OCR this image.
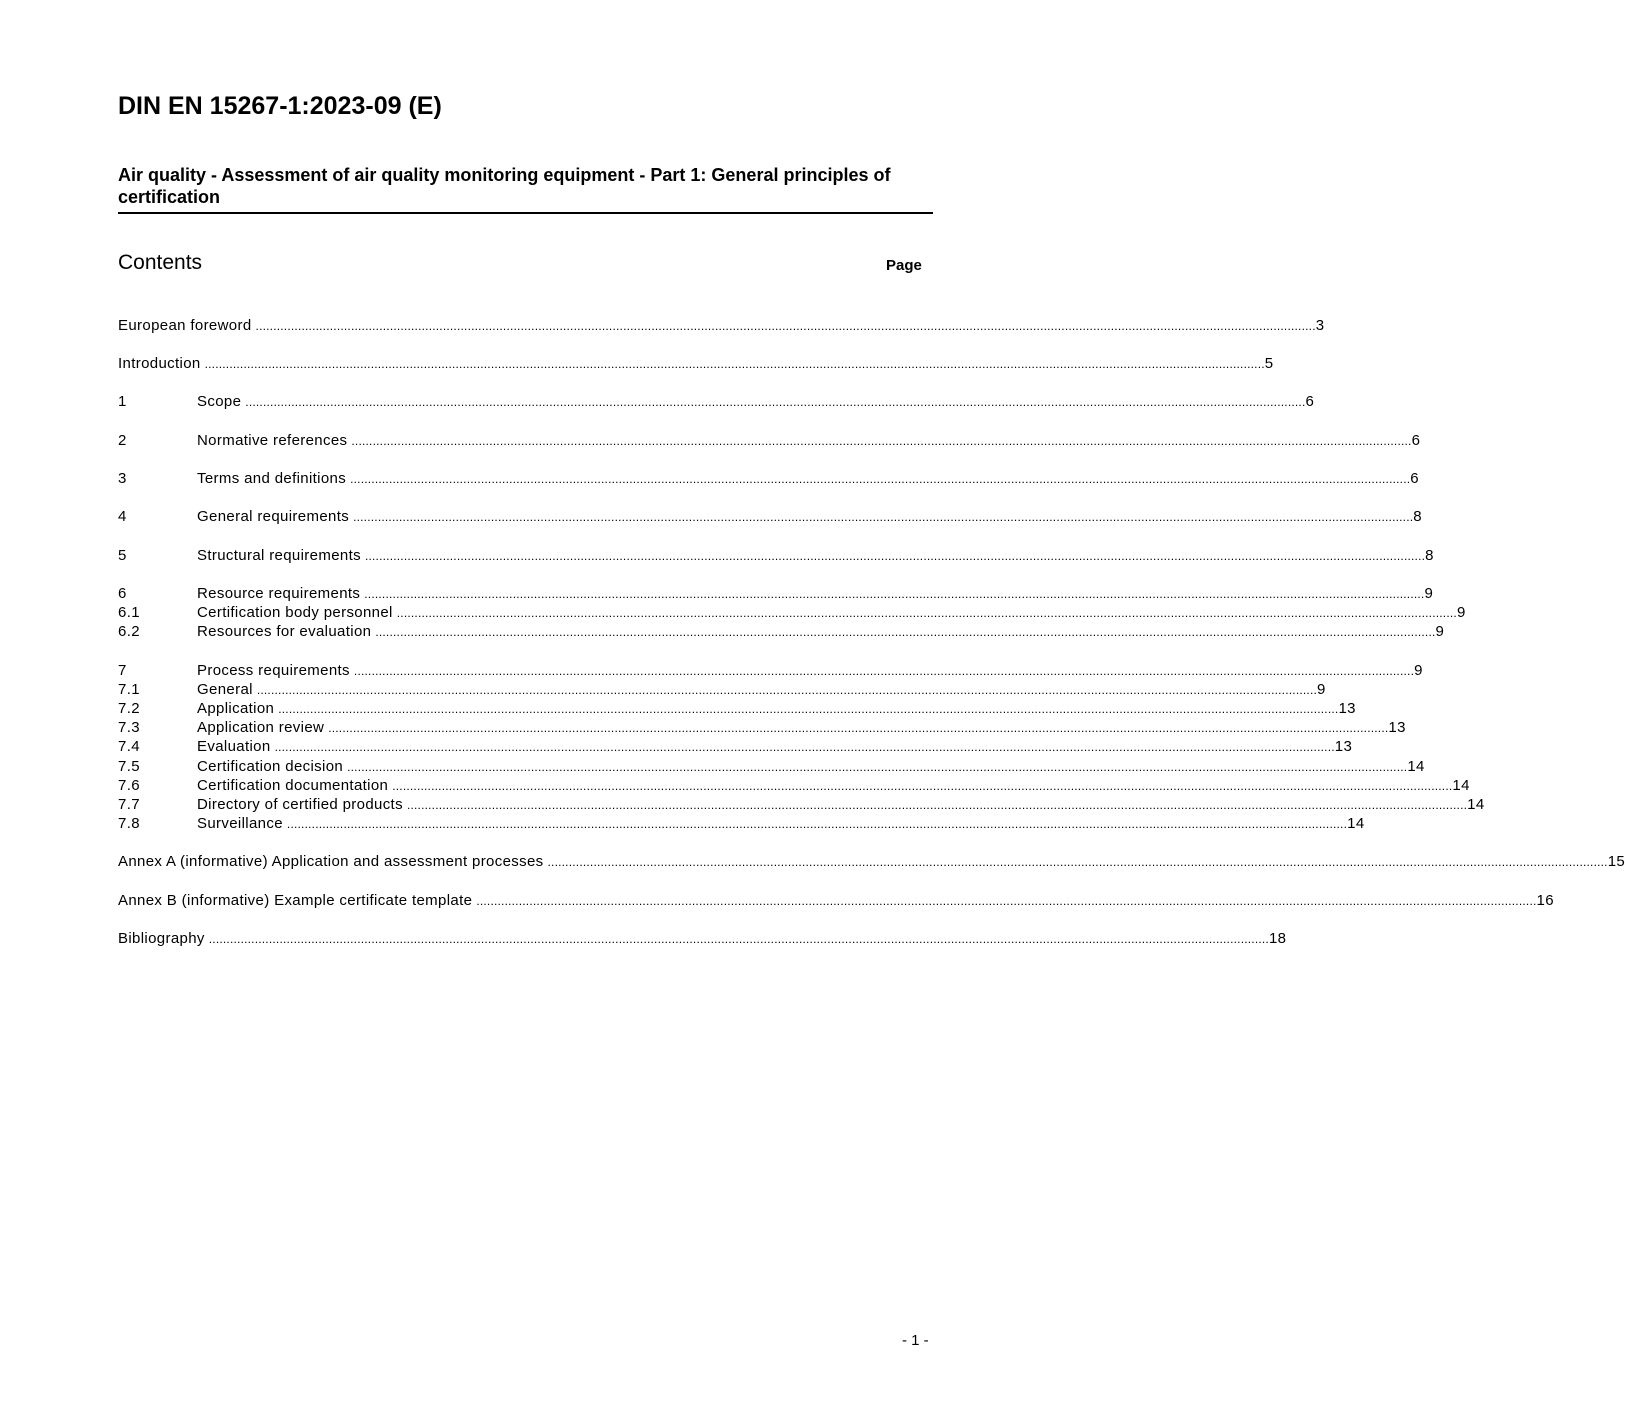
DIN EN 15267-1:2023-09 (E)
Air quality - Assessment of air quality monitoring equipment - Part 1: General principles of certification
Contents	Page
European foreword ............................................................................................................................................................................................................................................................................................................ 3
Introduction ............................................................................................................................................................................................................................................................................................................ 5
1	Scope ............................................................................................................................................................................................................................................................................................................ 6
2	Normative references ............................................................................................................................................................................................................................................................................................................ 6
3	Terms and definitions ............................................................................................................................................................................................................................................................................................................ 6
4	General requirements ............................................................................................................................................................................................................................................................................................................ 8
5	Structural requirements ............................................................................................................................................................................................................................................................................................................ 8
6	Resource requirements ............................................................................................................................................................................................................................................................................................................ 9
6.1	Certification body personnel ............................................................................................................................................................................................................................................................................................................ 9
6.2	Resources for evaluation ............................................................................................................................................................................................................................................................................................................ 9
7	Process requirements ............................................................................................................................................................................................................................................................................................................ 9
7.1	General ............................................................................................................................................................................................................................................................................................................ 9
7.2	Application ............................................................................................................................................................................................................................................................................................................ 13
7.3	Application review ............................................................................................................................................................................................................................................................................................................ 13
7.4	Evaluation ............................................................................................................................................................................................................................................................................................................ 13
7.5	Certification decision ............................................................................................................................................................................................................................................................................................................ 14
7.6	Certification documentation ............................................................................................................................................................................................................................................................................................................ 14
7.7	Directory of certified products ............................................................................................................................................................................................................................................................................................................ 14
7.8	Surveillance ............................................................................................................................................................................................................................................................................................................ 14
Annex A (informative) Application and assessment processes ............................................................................................................................................................................................................................................................................................................ 15
Annex B (informative) Example certificate template ............................................................................................................................................................................................................................................................................................................ 16
Bibliography ............................................................................................................................................................................................................................................................................................................ 18
- 1 -
